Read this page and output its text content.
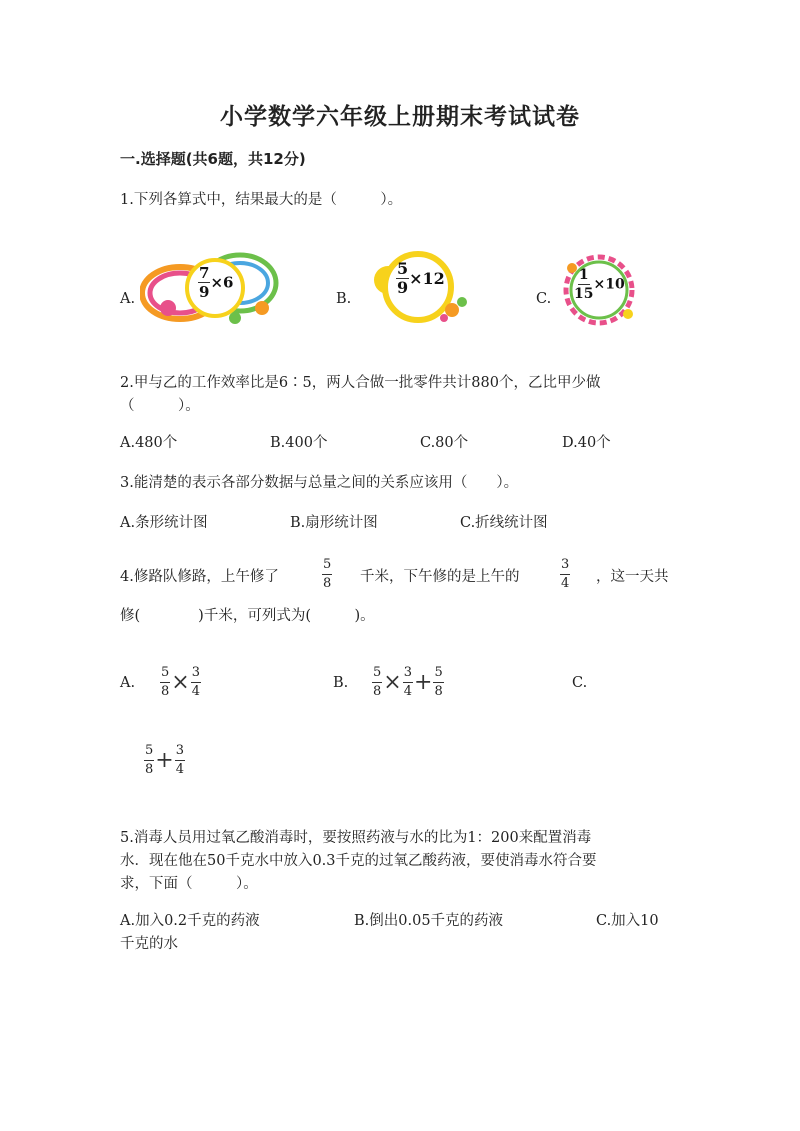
小学数学六年级上册期末考试试卷
一.选择题(共6题，共12分)
1.下列各算式中，结果最大的是（　　　）。
A.	$\frac{7}{9} \times 6$
B.
$\frac{5}{9} \times 12$
C. $\frac{1}{15} \times 10$
2.甲与乙的工作效率比是6∶5，两人合做一批零件共计880个，乙比甲少做
（　　　）。
A.480个	B.400个	C.80个	D.40个
3.能清楚的表示各部分数据与总量之间的关系应该用（　　）。
A.条形统计图	B.扇形统计图	C.折线统计图
4.修路队修路，上午修了	$\frac{5}{8}$ 千米，下午修的是上午的	$\frac{3}{4}$ ，这一天共
修(　　　　)千米，可列式为(　　　)。
A. $\frac{5}{8} \times \frac{3}{4}$	B. $\frac{5}{8} \times \frac{3}{4} + \frac{5}{8}$	C.
$\frac{5}{8} + \frac{3}{4}$
5.消毒人员用过氧乙酸消毒时，要按照药液与水的比为1：200来配置消毒
水．现在他在50千克水中放入0.3千克的过氧乙酸药液，要使消毒水符合要
求，下面（　　　）。
A.加入0.2千克的药液	B.倒出0.05千克的药液	C.加入10
千克的水
